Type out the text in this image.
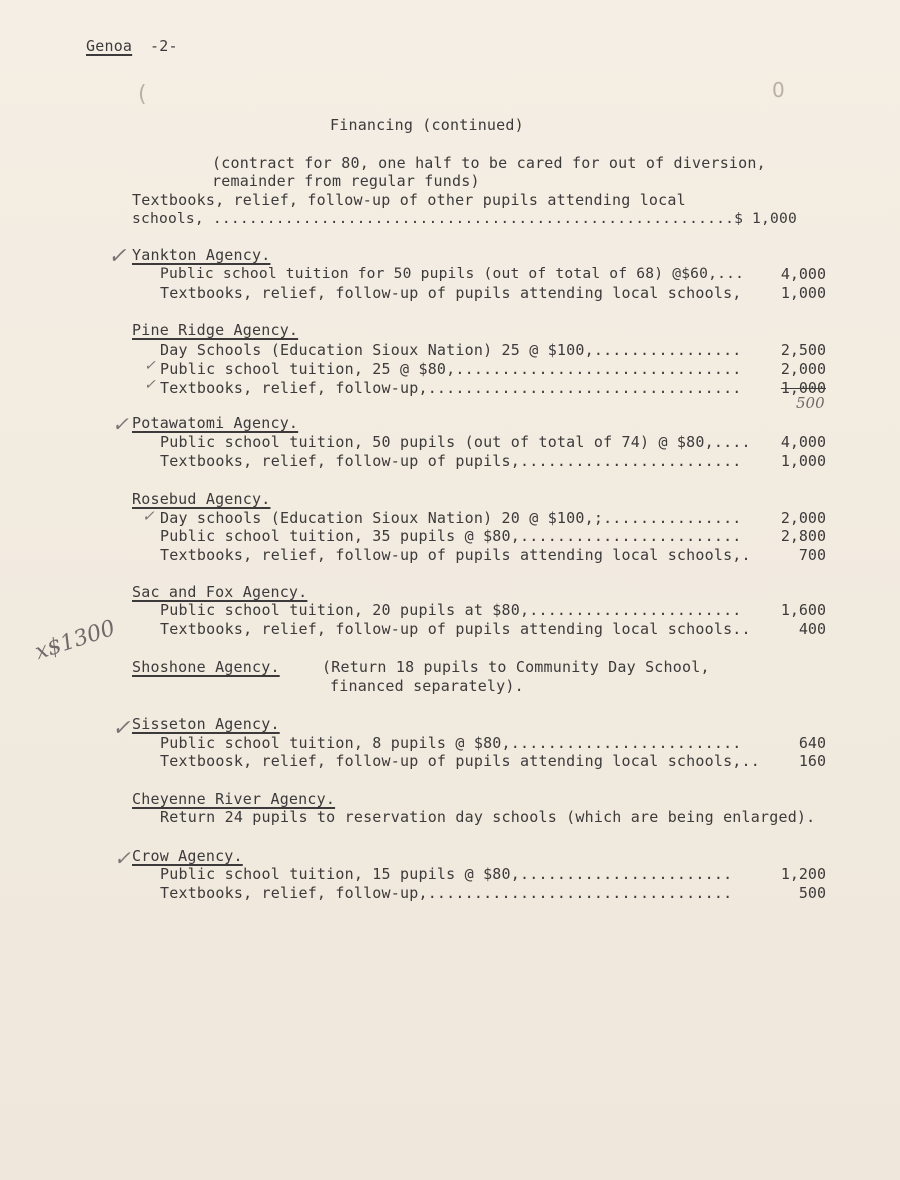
(	0
Genoa -2-
Financing (continued)
(contract for 80, one half to be cared for out of diversion,
remainder from regular funds)
Textbooks, relief, follow-up of other pupils attending local
schools, ..........................................................$ 1,000
✓ Yankton Agency.
Public school tuition for 50 pupils (out of total of 68) @$60,...	4,000
Textbooks, relief, follow-up of pupils attending local schools,	1,000
Pine Ridge Agency.
Day Schools (Education Sioux Nation) 25 @ $100,................	2,500
✓ Public school tuition, 25 @ $80,...............................	2,000
✓ Textbooks, relief, follow-up,..................................	1,000
500
✓ Potawatomi Agency.
Public school tuition, 50 pupils (out of total of 74) @ $80,....	4,000
Textbooks, relief, follow-up of pupils,........................	1,000
Rosebud Agency.
✓ Day schools (Education Sioux Nation) 20 @ $100,;...............	2,000
Public school tuition, 35 pupils @ $80,........................	2,800
Textbooks, relief, follow-up of pupils attending local schools,.	700
Sac and Fox Agency.
Public school tuition, 20 pupils at $80,.......................	1,600
Textbooks, relief, follow-up of pupils attending local schools..	400
x$1300
Shoshone Agency.	(Return 18 pupils to Community Day School,
financed separately).
✓ Sisseton Agency.
Public school tuition, 8 pupils @ $80,.........................	640
Textboosk, relief, follow-up of pupils attending local schools,..	160
Cheyenne River Agency.
Return 24 pupils to reservation day schools (which are being enlarged).
✓ Crow Agency.
Public school tuition, 15 pupils @ $80,.......................	1,200
Textbooks, relief, follow-up,.................................	500
